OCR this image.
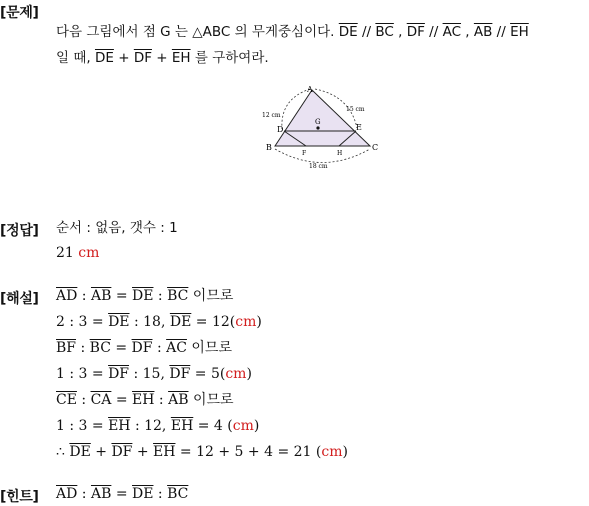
[문제]
다음 그림에서 점 G 는 △ABC 의 무게중심이다. $\overline{DE} // \overline{BC}$ , $\overline{DF} // \overline{AC}$ , $\overline{AB} // \overline{EH}$
일 때, $\overline{DE} + \overline{DF} + \overline{EH}$ 를 구하여라.
A
B	C
D	E
F
G
H
12 cm
15 cm
18 cm
[정답] 순서 : 없음, 갯수 : 1
21 cm
[해설] $\overline{AD}$ : $\overline{AB} = \overline{DE}$ : $\overline{BC}$ 이므로
2 : $3 = \overline{DE}$ : 18, $\overline{DE} = 12(cm)$
$\overline{BF}$ : $\overline{BC} = \overline{DF}$ : $\overline{AC}$ 이므로
1 : $3 = \overline{DF}$ : 15, $\overline{DF} = 5(cm)$
$\overline{CE}$ : $\overline{CA} = \overline{EH}$ : $\overline{AB}$ 이므로
1 : $3 = \overline{EH}$ : 12, $\overline{EH} = 4$ (cm)
∴ $\overline{DE} + \overline{DF} + \overline{EH} = 12 + 5 + 4 = 21$ (cm)
[힌트] $\overline{AD}$ : $\overline{AB} = \overline{DE}$ : $\overline{BC}$
